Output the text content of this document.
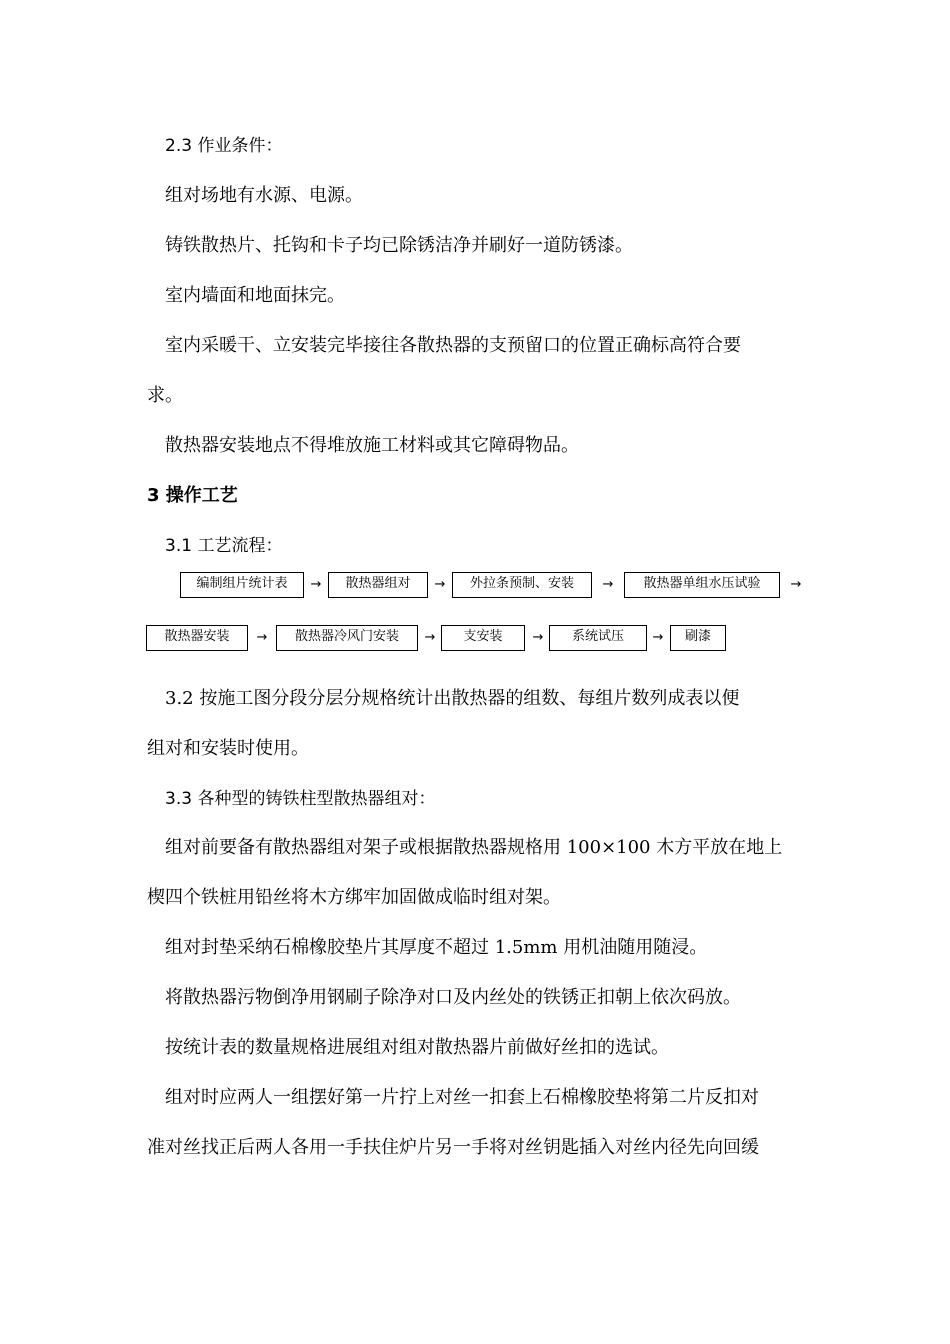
2.3 作业条件：
组对场地有水源、电源。
铸铁散热片、托钩和卡子均已除锈洁净并刷好一道防锈漆。
室内墙面和地面抹完。
室内采暖干、立安装完毕接往各散热器的支预留口的位置正确标高符合要
求。
散热器安装地点不得堆放施工材料或其它障碍物品。
3 操作工艺
3.1 工艺流程：
编制组片统计表	→	散热器组对	→	外拉条预制、安装	→	散热器单组水压试验	→
散热器安装	→	散热器冷风门安装	→	支安装	→	系统试压	→	刷漆
3.2 按施工图分段分层分规格统计出散热器的组数、每组片数列成表以便
组对和安装时使用。
3.3 各种型的铸铁柱型散热器组对：
组对前要备有散热器组对架子或根据散热器规格用 100×100 木方平放在地上
楔四个铁桩用铅丝将木方绑牢加固做成临时组对架。
组对封垫采纳石棉橡胶垫片其厚度不超过 1.5mm 用机油随用随浸。
将散热器污物倒净用钢刷子除净对口及内丝处的铁锈正扣朝上依次码放。
按统计表的数量规格进展组对组对散热器片前做好丝扣的选试。
组对时应两人一组摆好第一片拧上对丝一扣套上石棉橡胶垫将第二片反扣对
准对丝找正后两人各用一手扶住炉片另一手将对丝钥匙插入对丝内径先向回缓
